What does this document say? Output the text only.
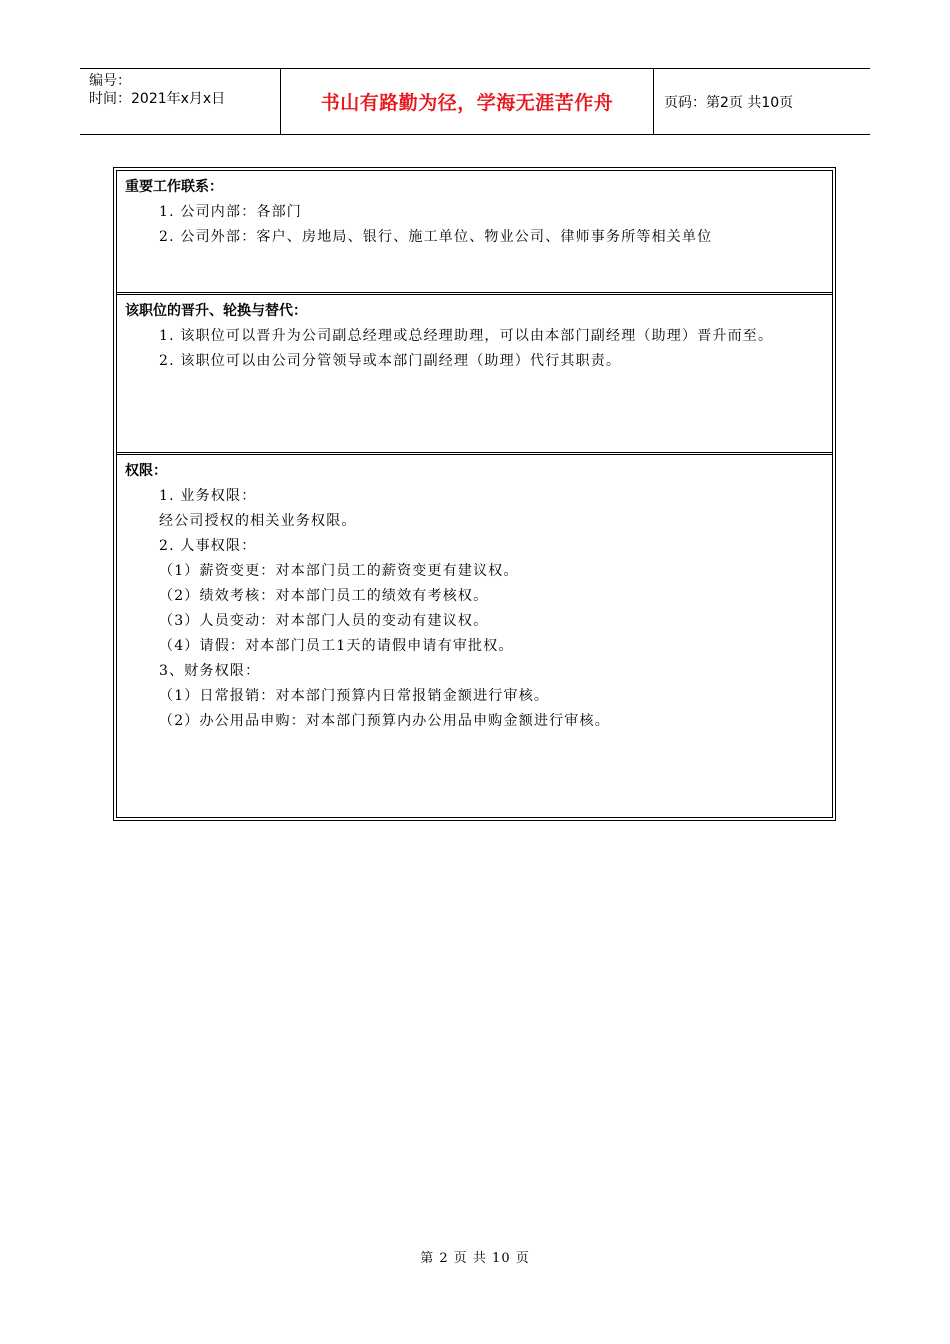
编号：
时间：2021年x月x日	书山有路勤为径，学海无涯苦作舟	页码：第2页 共10页
重要工作联系：
1. 公司内部：各部门
2. 公司外部：客户、房地局、银行、施工单位、物业公司、律师事务所等相关单位
该职位的晋升、轮换与替代：
1. 该职位可以晋升为公司副总经理或总经理助理，可以由本部门副经理（助理）晋升而至。
2. 该职位可以由公司分管领导或本部门副经理（助理）代行其职责。
权限：
1. 业务权限：
经公司授权的相关业务权限。
2. 人事权限：
（1）薪资变更：对本部门员工的薪资变更有建议权。
（2）绩效考核：对本部门员工的绩效有考核权。
（3）人员变动：对本部门人员的变动有建议权。
（4）请假：对本部门员工1天的请假申请有审批权。
3、财务权限：
（1）日常报销：对本部门预算内日常报销金额进行审核。
（2）办公用品申购：对本部门预算内办公用品申购金额进行审核。
第 2 页 共 10 页
